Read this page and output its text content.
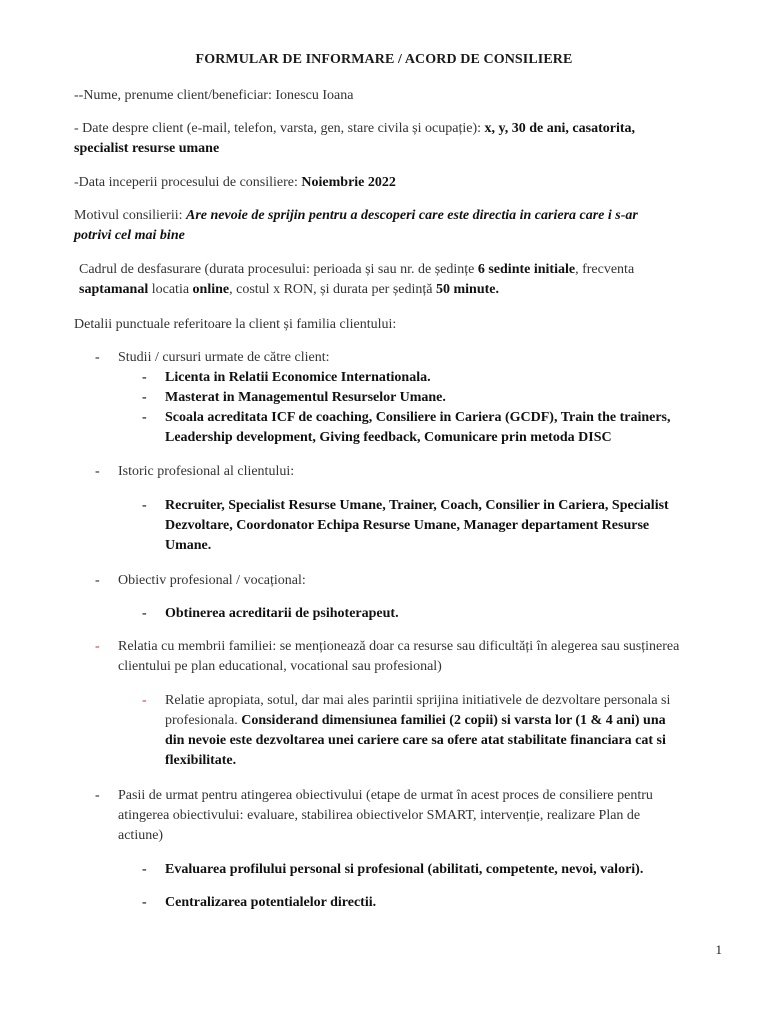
FORMULAR DE INFORMARE / ACORD DE CONSILIERE
--Nume, prenume client/beneficiar: Ionescu Ioana
- Date despre client (e-mail, telefon, varsta, gen, stare civila și ocupație): x, y, 30 de ani, casatorita,
specialist resurse umane
-Data inceperii procesului de consiliere: Noiembrie 2022
Motivul consilierii: Are nevoie de sprijin pentru a descoperi care este directia in cariera care i s-ar
potrivi cel mai bine
Cadrul de desfasurare (durata procesului: perioada și sau nr. de ședințe 6 sedinte initiale, frecventa
saptamanal locatia online, costul x RON, și durata per ședință 50 minute.
Detalii punctuale referitoare la client și familia clientului:
- Studii / cursuri urmate de către client:
- Licenta in Relatii Economice Internationala.
- Masterat in Managementul Resurselor Umane.
- Scoala acreditata ICF de coaching, Consiliere in Cariera (GCDF), Train the trainers,
Leadership development, Giving feedback, Comunicare prin metoda DISC
- Istoric profesional al clientului:
- Recruiter, Specialist Resurse Umane, Trainer, Coach, Consilier in Cariera, Specialist
Dezvoltare, Coordonator Echipa Resurse Umane, Manager departament Resurse
Umane.
- Obiectiv profesional / vocațional:
- Obtinerea acreditarii de psihoterapeut.
- Relatia cu membrii familiei: se menționează doar ca resurse sau dificultăți în alegerea sau susținerea
clientului pe plan educational, vocational sau profesional)
- Relatie apropiata, sotul, dar mai ales parintii sprijina initiativele de dezvoltare personala si
profesionala. Considerand dimensiunea familiei (2 copii) si varsta lor (1 & 4 ani) una
din nevoie este dezvoltarea unei cariere care sa ofere atat stabilitate financiara cat si
flexibilitate.
- Pasii de urmat pentru atingerea obiectivului (etape de urmat în acest proces de consiliere pentru
atingerea obiectivului: evaluare, stabilirea obiectivelor SMART, intervenție, realizare Plan de
actiune)
- Evaluarea profilului personal si profesional (abilitati, competente, nevoi, valori).
- Centralizarea potentialelor directii.
1
